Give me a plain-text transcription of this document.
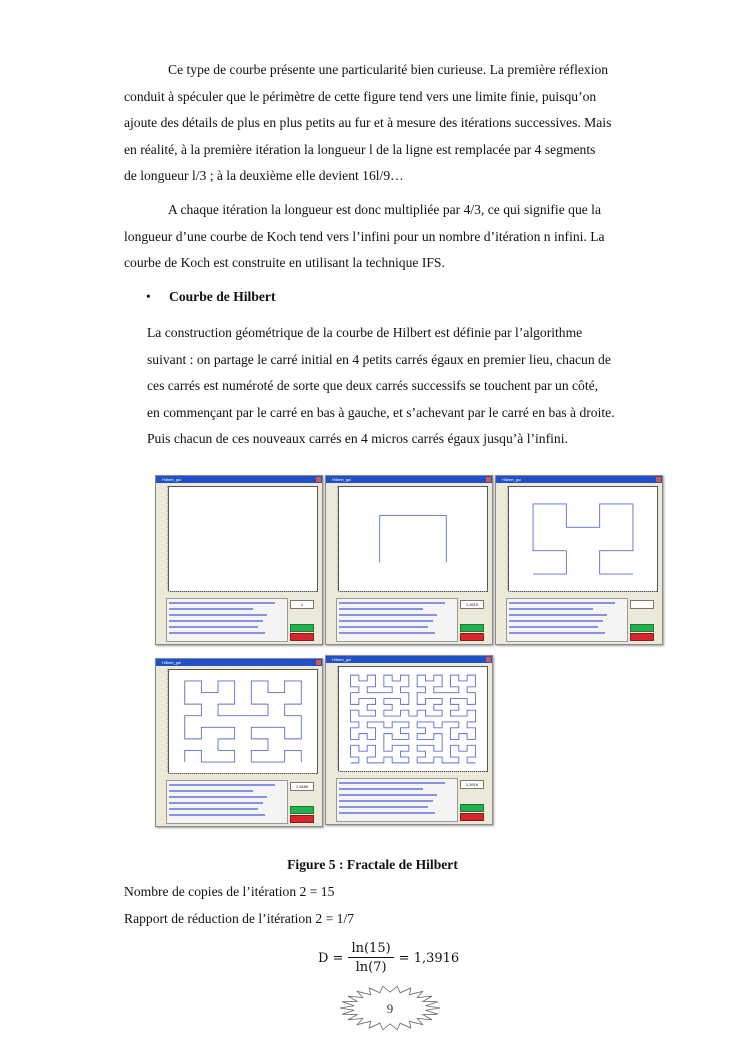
Ce type de courbe présente une particularité bien curieuse. La première réflexion
conduit à spéculer que le périmètre de cette figure tend vers une limite finie, puisqu’on
ajoute des détails de plus en plus petits au fur et à mesure des itérations successives. Mais
en réalité, à la première itération la longueur l de la ligne est remplacée par 4 segments
de longueur l/3 ; à la deuxième elle devient 16l/9…
A chaque itération la longueur est donc multipliée par 4/3, ce qui signifie que la
longueur d’une courbe de Koch tend vers l’infini pour un nombre d’itération n infini. La
courbe de Koch est construite en utilisant la technique IFS.
• Courbe de Hilbert
La construction géométrique de la courbe de Hilbert est définie par l’algorithme
suivant : on partage le carré initial en 4 petits carrés égaux en premier lieu, chacun de
ces carrés est numéroté de sorte que deux carrés successifs se touchent par un côté,
en commençant par le carré en bas à gauche, et s’achevant par le carré en bas à droite.
Puis chacun de ces nouveaux carrés en 4 micros carrés égaux jusqu’à l’infini.
Hilbert_gui
1
Hilbert_gui
1,2619
Hilbert_gui
Hilbert_gui
1,3480
Hilbert_gui
1,3916
Figure 5 : Fractale de Hilbert
Nombre de copies de l’itération 2 = 15
Rapport de réduction de l’itération 2 = 1/7
$D = \frac{\ln(15)}{\ln(7)} = 1,3916$
9
